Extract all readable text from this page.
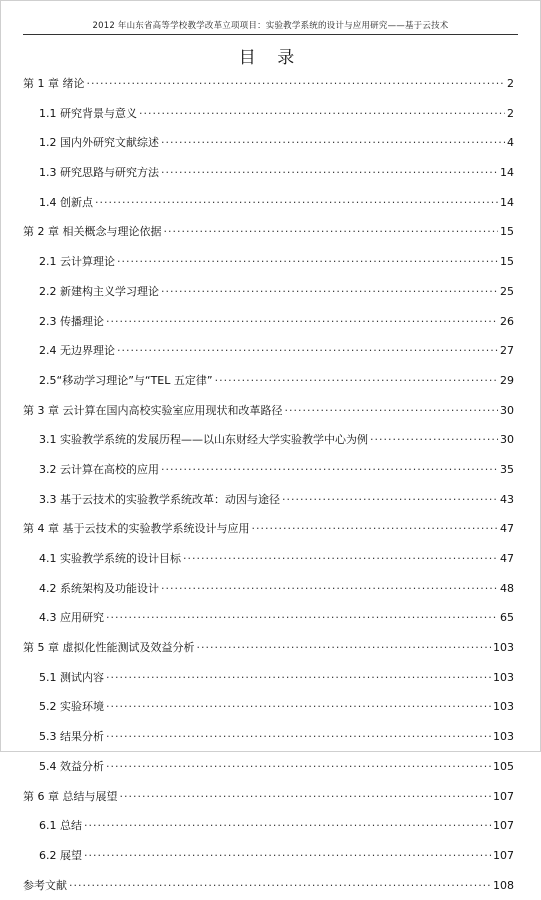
2012 年山东省高等学校教学改革立项项目：实验教学系统的设计与应用研究——基于云技术
目 录
第 1 章 绪论 ·····	2
1.1 研究背景与意义 ·····	2
1.2 国内外研究文献综述 ·····	4
1.3 研究思路与研究方法 ·····	14
1.4 创新点 ·····	14
第 2 章 相关概念与理论依据 ·····	15
2.1 云计算理论 ·····	15
2.2 新建构主义学习理论 ·····	25
2.3 传播理论 ·····	26
2.4 无边界理论 ·····	27
2.5“移动学习理论”与“TEL 五定律” ·····	29
第 3 章 云计算在国内高校实验室应用现状和改革路径 ·····	30
3.1 实验教学系统的发展历程——以山东财经大学实验教学中心为例 ·····	30
3.2 云计算在高校的应用 ·····	35
3.3 基于云技术的实验教学系统改革：动因与途径 ·····	43
第 4 章 基于云技术的实验教学系统设计与应用 ·····	47
4.1 实验教学系统的设计目标 ·····	47
4.2 系统架构及功能设计 ·····	48
4.3 应用研究 ·····	65
第 5 章 虚拟化性能测试及效益分析 ·····	103
5.1 测试内容 ·····	103
5.2 实验环境 ·····	103
5.3 结果分析 ·····	103
5.4 效益分析 ·····	105
第 6 章 总结与展望 ·····	107
6.1 总结 ·····	107
6.2 展望 ·····	107
参考文献 ·····	108
